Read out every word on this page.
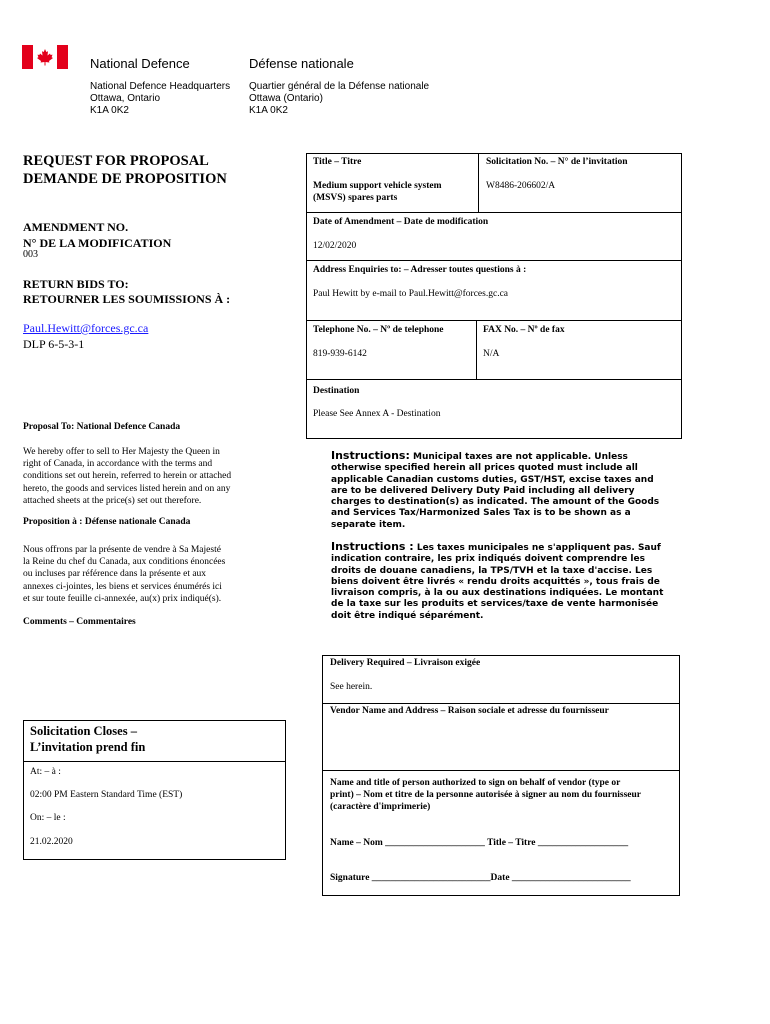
National Defence	Défense nationale
National Defence Headquarters
Ottawa, Ontario
K1A 0K2
Quartier général de la Défense nationale
Ottawa (Ontario)
K1A 0K2
REQUEST FOR PROPOSAL
DEMANDE DE PROPOSITION
AMENDMENT NO.
N° DE LA MODIFICATION
003
RETURN BIDS TO:
RETOURNER LES SOUMISSIONS À :
Paul.Hewitt@forces.gc.ca
DLP 6-5-3-1
Proposal To: National Defence Canada
We hereby offer to sell to Her Majesty the Queen in
right of Canada, in accordance with the terms and
conditions set out herein, referred to herein or attached
hereto, the goods and services listed herein and on any
attached sheets at the price(s) set out therefore.
Proposition à : Défense nationale Canada
Nous offrons par la présente de vendre à Sa Majesté
la Reine du chef du Canada, aux conditions énoncées
ou incluses par référence dans la présente et aux
annexes ci-jointes, les biens et services énumérés ici
et sur toute feuille ci-annexée, au(x) prix indiqué(s).
Comments – Commentaires
Title – Titre
Medium support vehicle system
(MSVS) spares parts
Solicitation No. – N° de l’invitation
W8486-206602/A
Date of Amendment – Date de modification
12/02/2020
Address Enquiries to: – Adresser toutes questions à :
Paul Hewitt by e-mail to Paul.Hewitt@forces.gc.ca
Telephone No. – Nº de telephone
819-939-6142
FAX No. – Nº de fax
N/A
Destination
Please See Annex A - Destination
Instructions: Municipal taxes are not applicable. Unless
otherwise specified herein all prices quoted must include all
applicable Canadian customs duties, GST/HST, excise taxes and
are to be delivered Delivery Duty Paid including all delivery
charges to destination(s) as indicated. The amount of the Goods
and Services Tax/Harmonized Sales Tax is to be shown as a
separate item.
Instructions : Les taxes municipales ne s'appliquent pas. Sauf
indication contraire, les prix indiqués doivent comprendre les
droits de douane canadiens, la TPS/TVH et la taxe d'accise. Les
biens doivent être livrés « rendu droits acquittés », tous frais de
livraison compris, à la ou aux destinations indiquées. Le montant
de la taxe sur les produits et services/taxe de vente harmonisée
doit être indiqué séparément.
Delivery Required – Livraison exigée
See herein.
Vendor Name and Address – Raison sociale et adresse du fournisseur
Name and title of person authorized to sign on behalf of vendor (type or
print) – Nom et titre de la personne autorisée à signer au nom du fournisseur
(caractère d'imprimerie)
Name – Nom _____________________ Title – Titre ___________________
Signature _________________________Date _________________________
Solicitation Closes –
L’invitation prend fin
At: – à :
02:00 PM Eastern Standard Time (EST)
On: – le :
21.02.2020
